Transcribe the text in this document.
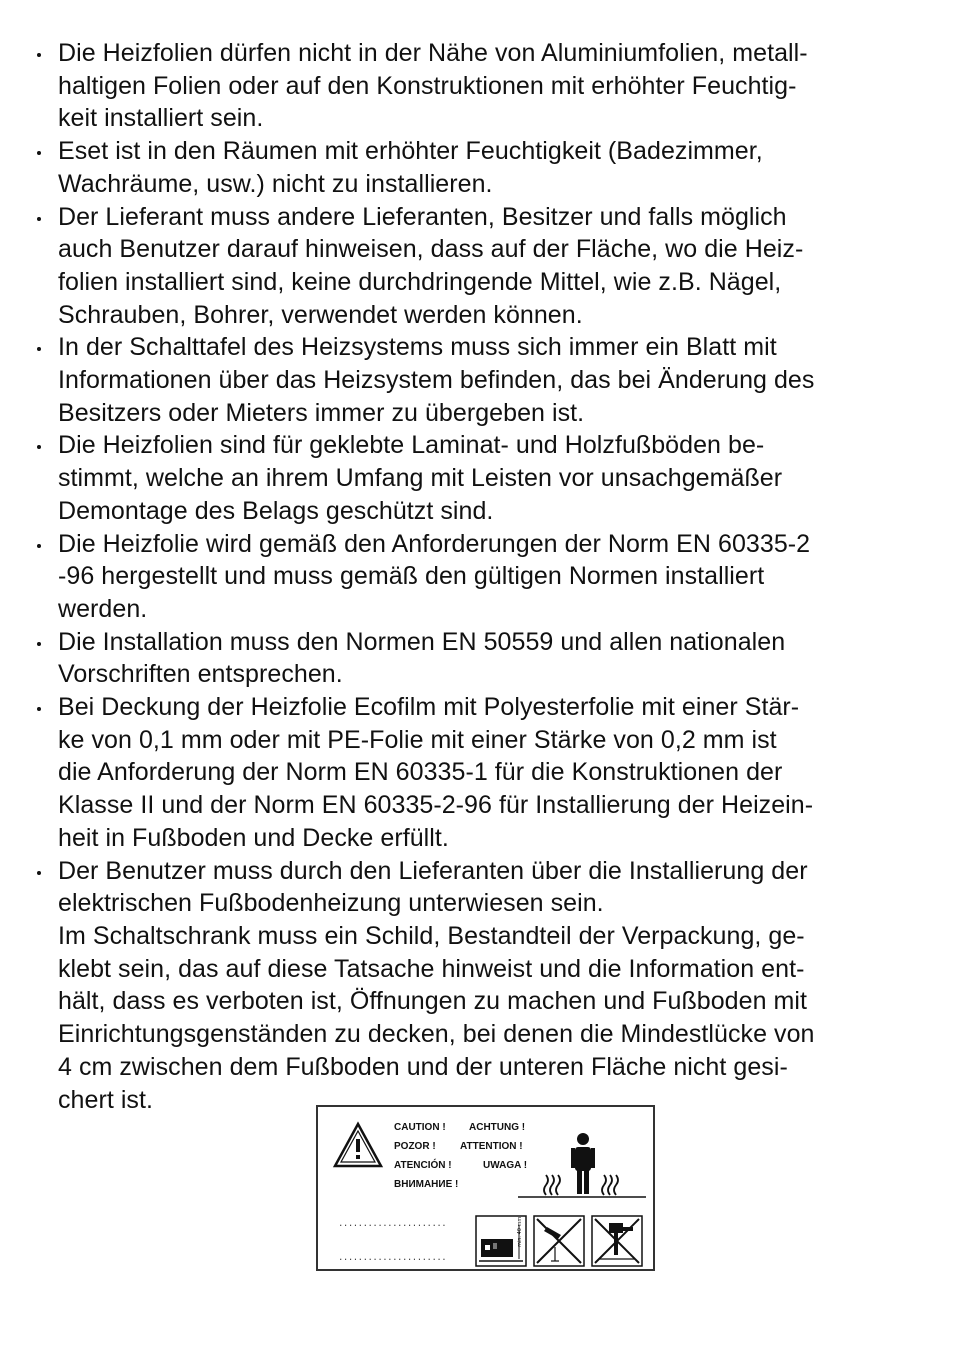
Die Heizfolien dürfen nicht in der Nähe von Aluminiumfolien, metall-
haltigen Folien oder auf den Konstruktionen mit erhöhter Feuchtig-
keit installiert sein.
Eset ist in den Räumen mit erhöhter Feuchtigkeit (Badezimmer,
Wachräume, usw.) nicht zu installieren.
Der Lieferant muss andere Lieferanten, Besitzer und falls möglich
auch Benutzer darauf hinweisen, dass auf der Fläche, wo die Heiz-
folien installiert sind, keine durchdringende Mittel, wie z.B. Nägel,
Schrauben, Bohrer, verwendet werden können.
In der Schalttafel des Heizsystems muss sich immer ein Blatt mit
Informationen über das Heizsystem befinden, das bei Änderung des
Besitzers oder Mieters immer zu übergeben ist.
Die Heizfolien sind für geklebte Laminat- und Holzfußböden be-
stimmt, welche an ihrem Umfang mit Leisten vor unsachgemäßer
Demontage des Belags geschützt sind.
Die Heizfolie wird gemäß den Anforderungen der Norm EN 60335-2
-96 hergestellt und muss gemäß den gültigen Normen installiert
werden.
Die Installation muss den Normen EN 50559 und allen nationalen
Vorschriften entsprechen.
Bei Deckung der Heizfolie Ecofilm mit Polyesterfolie mit einer Stär-
ke von 0,1 mm oder mit PE-Folie mit einer Stärke von 0,2 mm ist
die Anforderung der Norm EN 60335-1 für die Konstruktionen der
Klasse II und der Norm EN 60335-2-96 für Installierung der Heizein-
heit in Fußboden und Decke erfüllt.
Der Benutzer muss durch den Lieferanten über die Installierung der
elektrischen Fußbodenheizung unterwiesen sein.
Im Schaltschrank muss ein Schild, Bestandteil der Verpackung, ge-
klebt sein, das auf diese Tatsache hinweist und die Information ent-
hält, dass es verboten ist, Öffnungen zu machen und Fußboden mit
Einrichtungsgenständen zu decken, bei denen die Mindestlücke von
4 cm zwischen dem Fußboden und der unteren Fläche nicht gesi-
chert ist.
CAUTION ! ACHTUNG !
POZOR ! ATTENTION !
ATENCIÓN !	UWAGA !
ВНИМАНИЕ !
......................
......................
min. 40 mm
